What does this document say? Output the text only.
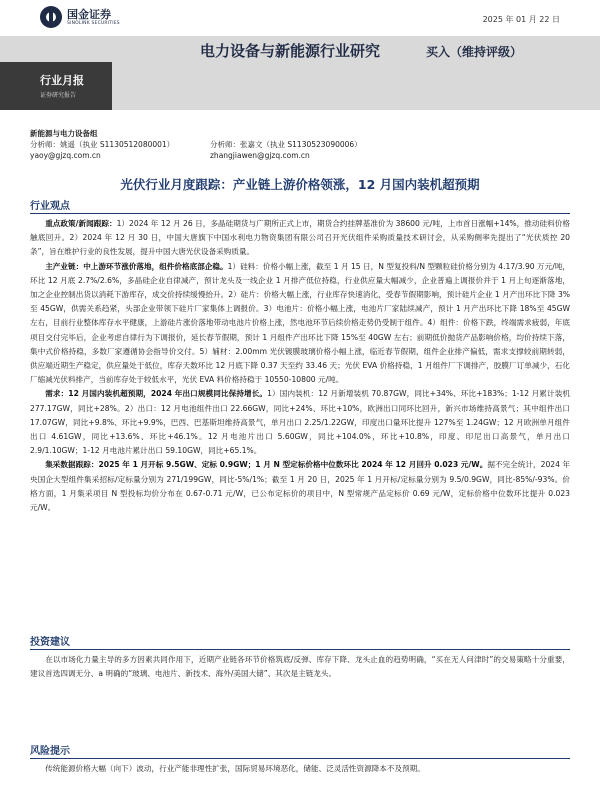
国金证券
SINOLINK SECURITIES	2025 年 01 月 22 日
电力设备与新能源行业研究	买入（维持评级）
行业月报
证券研究报告
新能源与电力设备组
分析师：姚遥（执业 S1130512080001）
yaoy@gjzq.com.cn
分析师：张嘉文（执业 S1130523090006）
zhangjiawen@gjzq.com.cn
光伏行业月度跟踪：产业链上游价格领涨，12 月国内装机超预期
行业观点

重点政策/新闻跟踪：1）2024 年 12 月 26 日，多晶硅期货与广期所正式上市，期货合约挂牌基准价为 38600 元/吨，上市首日涨幅+14%，推动硅料价格触底回升。2）2024 年 12 月 30 日，中国大唐旗下中国水利电力物资集团有限公司召开光伏组件采购质量技术研讨会，从采购侧率先提出了“光伏质控 20 条”，旨在维护行业的良性发展，提升中国大唐光伏设备采购质量。

主产业链：中上游环节涨价落地，组件价格底部企稳。1）硅料：价格小幅上涨，截至 1 月 15 日，N 型复投料/N 型颗粒硅价格分别为 4.17/3.90 万元/吨，环比 12 月底 2.7%/2.6%，多晶硅企业自律减产，预计龙头及一线企业 1 月排产低位持稳，行业供应量大幅减少，企业普遍上调报价并于 1 月上旬逐渐落地，加之企业控制出货以消耗下游库存，成交价持续缓慢抬升。2）硅片：价格大幅上涨，行业库存快速消化，受春节假期影响，预计硅片企业 1 月产出环比下降 3%至 45GW，供需关系趋紧，头部企业带领下硅片厂家集体上调报价。3）电池片：价格小幅上涨，电池片厂家陆续减产，预计 1 月产出环比下降 18%至 45GW 左右，目前行业整体库存水平健康，上游硅片涨价落地带动电池片价格上涨，然电池环节后续价格走势仍受制于组件。4）组件：价格下跌，终端需求疲弱，年底项目交付完毕后，企业考虑自律行为下调报价，延长春节假期，预计 1 月组件产出环比下降 15%至 40GW 左右；前期低价抛货产品影响价格，均价持续下落，集中式价格持稳，多数厂家遵循协会指导价交付。5）辅材：2.00mm 光伏镀膜玻璃价格小幅上涨，临近春节假期，组件企业排产偏低，需求支撑较前期转弱，供应端近期生产稳定，供应量处于低位，库存天数环比 12 月底下降 0.37 天至约 33.46 天；光伏 EVA 价格持稳，1 月组件厂下调排产，胶膜厂订单减少，石化厂缩减光伏料排产，当前库存处于较低水平，光伏 EVA 料价格持稳于 10550-10800 元/吨。

需求：12 月国内装机超预期，2024 年出口规模同比保持增长。1）国内装机：12 月新增装机 70.87GW，同比+34%、环比+183%；1-12 月累计装机 277.17GW，同比+28%。2）出口：12 月电池组件出口 22.66GW，同比+24%、环比+10%，欧洲出口同环比回升，新兴市场维持高景气；其中组件出口 17.07GW，同比+9.8%、环比+9.9%，巴西、巴基斯坦维持高景气，单月出口 2.25/1.22GW，印度出口量环比提升 127%至 1.24GW；12 月欧洲单月组件出口 4.61GW，同比+13.6%、环比+46.1%。12 月电池片出口 5.60GW，同比+104.0%，环比+10.8%，印度、印尼出口高景气，单月出口 2.9/1.10GW；1-12 月电池片累计出口 59.10GW，同比+65.1%。

集采数据跟踪：2025 年 1 月开标 9.5GW、定标 0.9GW；1 月 N 型定标价格中位数环比 2024 年 12 月回升 0.023 元/W。据不完全统计，2024 年央国企大型组件集采招标/定标量分别为 271/199GW，同比-5%/1%；截至 1 月 20 日，2025 年 1 月开标/定标量分别为 9.5/0.9GW，同比-85%/-93%。价格方面，1 月集采项目 N 型投标均价分布在 0.67-0.71 元/W，已公布定标价的项目中，N 型常规产品定标价 0.69 元/W，定标价格中位数环比提升 0.023 元/W。

投资建议

在以市场化力量主导的多方因素共同作用下，近期产业链各环节价格筑底/反弹、库存下降、龙头止血的趋势明确，“买在无人问津时”的交易策略十分重要，建议首选四调无分、a 明确的“玻璃、电池片、新技术、海外/美国大储”、其次是主链龙头。

风险提示

传统能源价格大幅（向下）波动，行业产能非理性扩张，国际贸易环境恶化，储能、泛灵活性资源降本不及预期。
